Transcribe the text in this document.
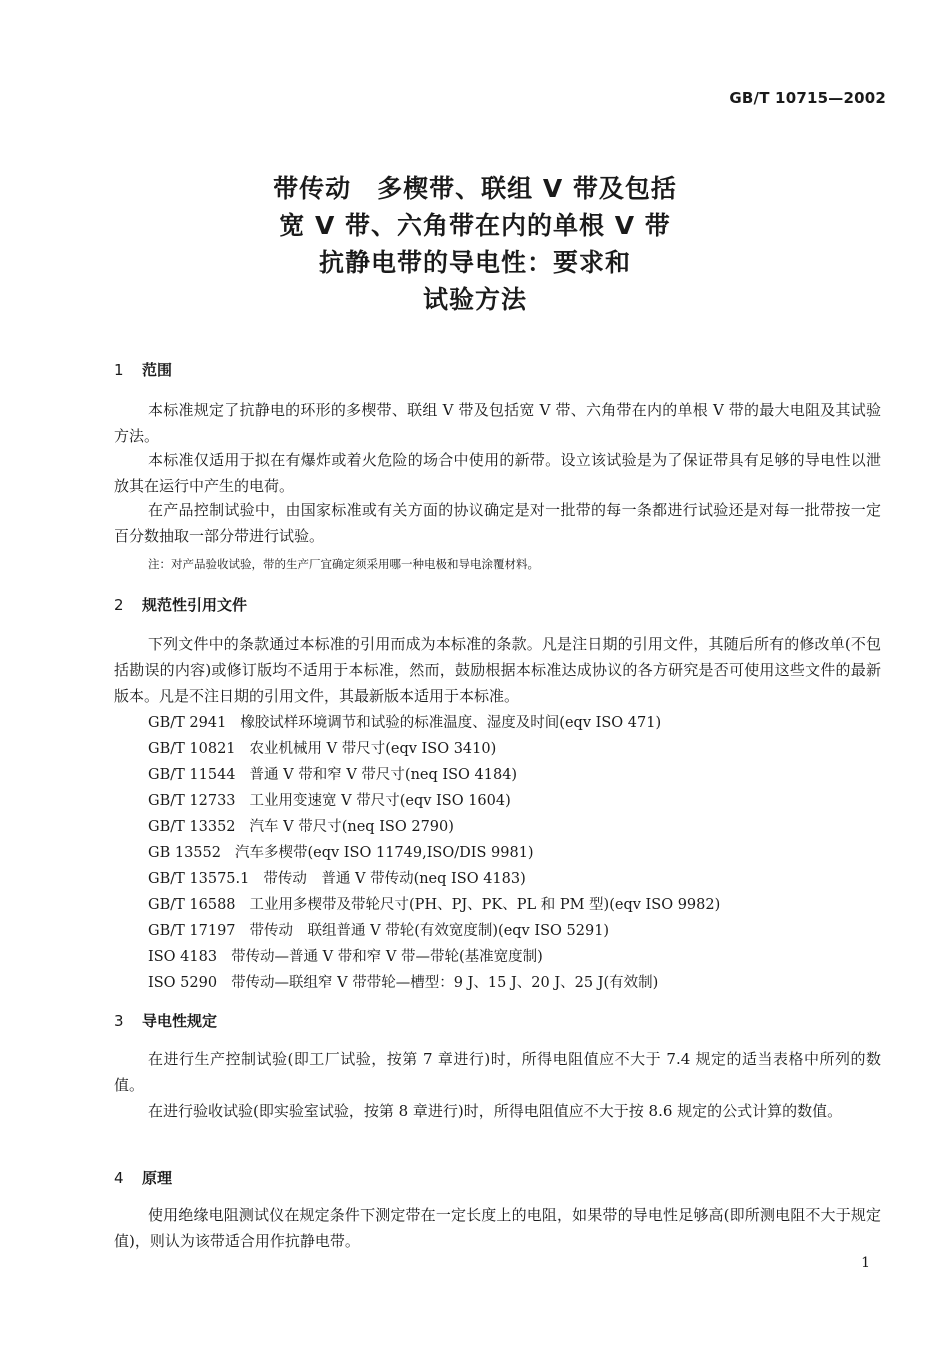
GB/T 10715—2002
带传动　多楔带、联组 V 带及包括
宽 V 带、六角带在内的单根 V 带
抗静电带的导电性：要求和
试验方法
1 范围

本标准规定了抗静电的环形的多楔带、联组 V 带及包括宽 V 带、六角带在内的单根 V 带的最大电阻及其试验方法。

本标准仅适用于拟在有爆炸或着火危险的场合中使用的新带。设立该试验是为了保证带具有足够的导电性以泄放其在运行中产生的电荷。

在产品控制试验中，由国家标准或有关方面的协议确定是对一批带的每一条都进行试验还是对每一批带按一定百分数抽取一部分带进行试验。

注：对产品验收试验，带的生产厂宜确定须采用哪一种电极和导电涂覆材料。
2 规范性引用文件

下列文件中的条款通过本标准的引用而成为本标准的条款。凡是注日期的引用文件，其随后所有的修改单(不包括勘误的内容)或修订版均不适用于本标准，然而，鼓励根据本标准达成协议的各方研究是否可使用这些文件的最新版本。凡是不注日期的引用文件，其最新版本适用于本标准。

GB/T 2941 橡胶试样环境调节和试验的标准温度、湿度及时间(eqv ISO 471)
GB/T 10821 农业机械用 V 带尺寸(eqv ISO 3410)
GB/T 11544 普通 V 带和窄 V 带尺寸(neq ISO 4184)
GB/T 12733 工业用变速宽 V 带尺寸(eqv ISO 1604)
GB/T 13352 汽车 V 带尺寸(neq ISO 2790)
GB 13552 汽车多楔带(eqv ISO 11749,ISO/DIS 9981)
GB/T 13575.1 带传动　普通 V 带传动(neq ISO 4183)
GB/T 16588 工业用多楔带及带轮尺寸(PH、PJ、PK、PL 和 PM 型)(eqv ISO 9982)
GB/T 17197 带传动　联组普通 V 带轮(有效宽度制)(eqv ISO 5291)
ISO 4183 带传动—普通 V 带和窄 V 带—带轮(基准宽度制)
ISO 5290 带传动—联组窄 V 带带轮—槽型：9 J、15 J、20 J、25 J(有效制)
3 导电性规定

在进行生产控制试验(即工厂试验，按第 7 章进行)时，所得电阻值应不大于 7.4 规定的适当表格中所列的数值。

在进行验收试验(即实验室试验，按第 8 章进行)时，所得电阻值应不大于按 8.6 规定的公式计算的数值。

4 原理

使用绝缘电阻测试仪在规定条件下测定带在一定长度上的电阻，如果带的导电性足够高(即所测电阻不大于规定值)，则认为该带适合用作抗静电带。

1
